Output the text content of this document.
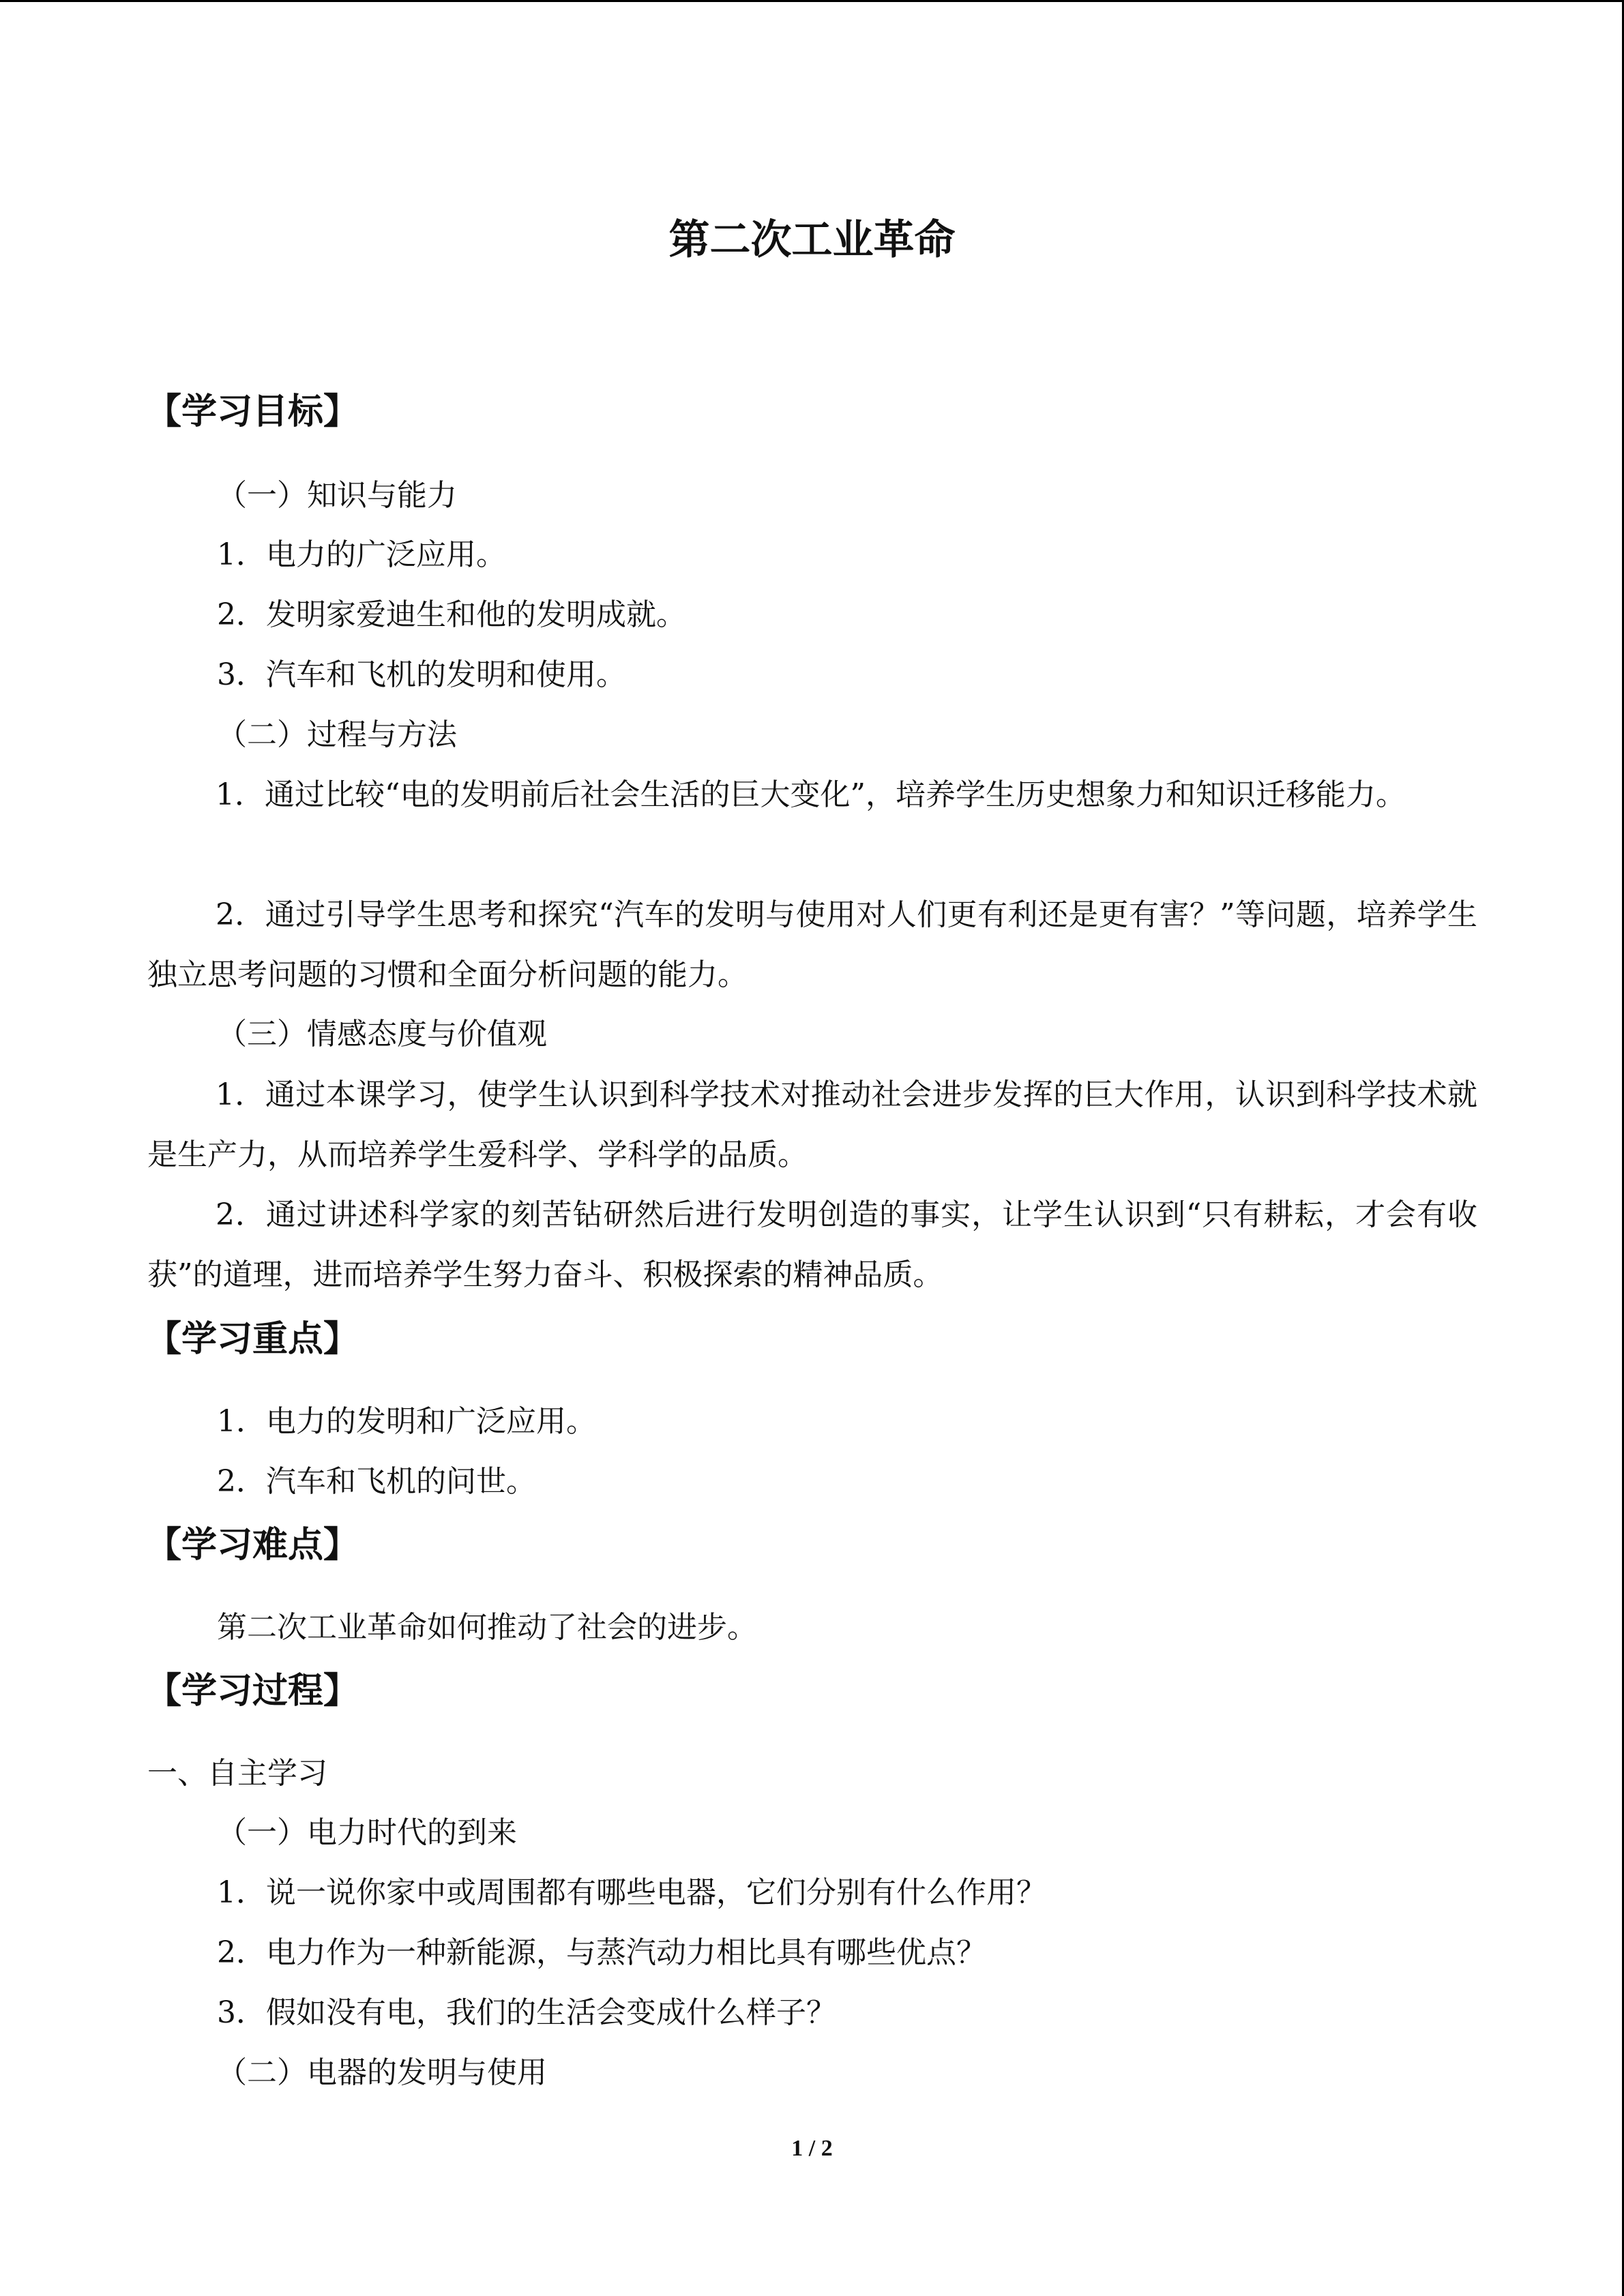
第二次工业革命
【学习目标】
（一）知识与能力
1．电力的广泛应用。
2．发明家爱迪生和他的发明成就。
3．汽车和飞机的发明和使用。
（二）过程与方法
1．通过比较“电的发明前后社会生活的巨大变化”，培养学生历史想象力和知识迁移能力。
2．通过引导学生思考和探究“汽车的发明与使用对人们更有利还是更有害？”等问题，培养学生独立思考问题的习惯和全面分析问题的能力。
（三）情感态度与价值观
1．通过本课学习，使学生认识到科学技术对推动社会进步发挥的巨大作用，认识到科学技术就是生产力，从而培养学生爱科学、学科学的品质。
2．通过讲述科学家的刻苦钻研然后进行发明创造的事实，让学生认识到“只有耕耘，才会有收获”的道理，进而培养学生努力奋斗、积极探索的精神品质。
【学习重点】
1．电力的发明和广泛应用。
2．汽车和飞机的问世。
【学习难点】
第二次工业革命如何推动了社会的进步。
【学习过程】
一、自主学习
（一）电力时代的到来
1．说一说你家中或周围都有哪些电器，它们分别有什么作用？
2．电力作为一种新能源，与蒸汽动力相比具有哪些优点？
3．假如没有电，我们的生活会变成什么样子？
（二）电器的发明与使用
1 / 2
